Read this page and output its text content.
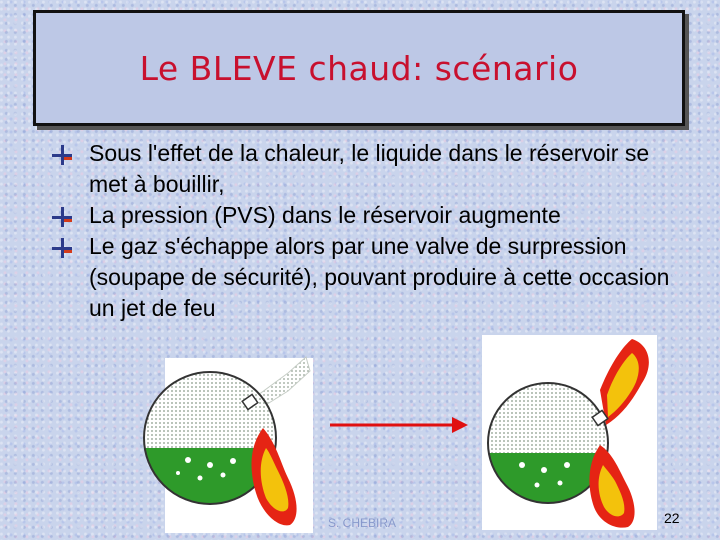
Le BLEVE chaud: scénario
Sous l'effet de la chaleur, le liquide dans le réservoir se met à bouillir,
La pression (PVS) dans le réservoir augmente
Le gaz s'échappe alors par une valve de surpression (soupape de sécurité), pouvant produire à cette occasion un jet de feu
S. CHEBIRA	22
